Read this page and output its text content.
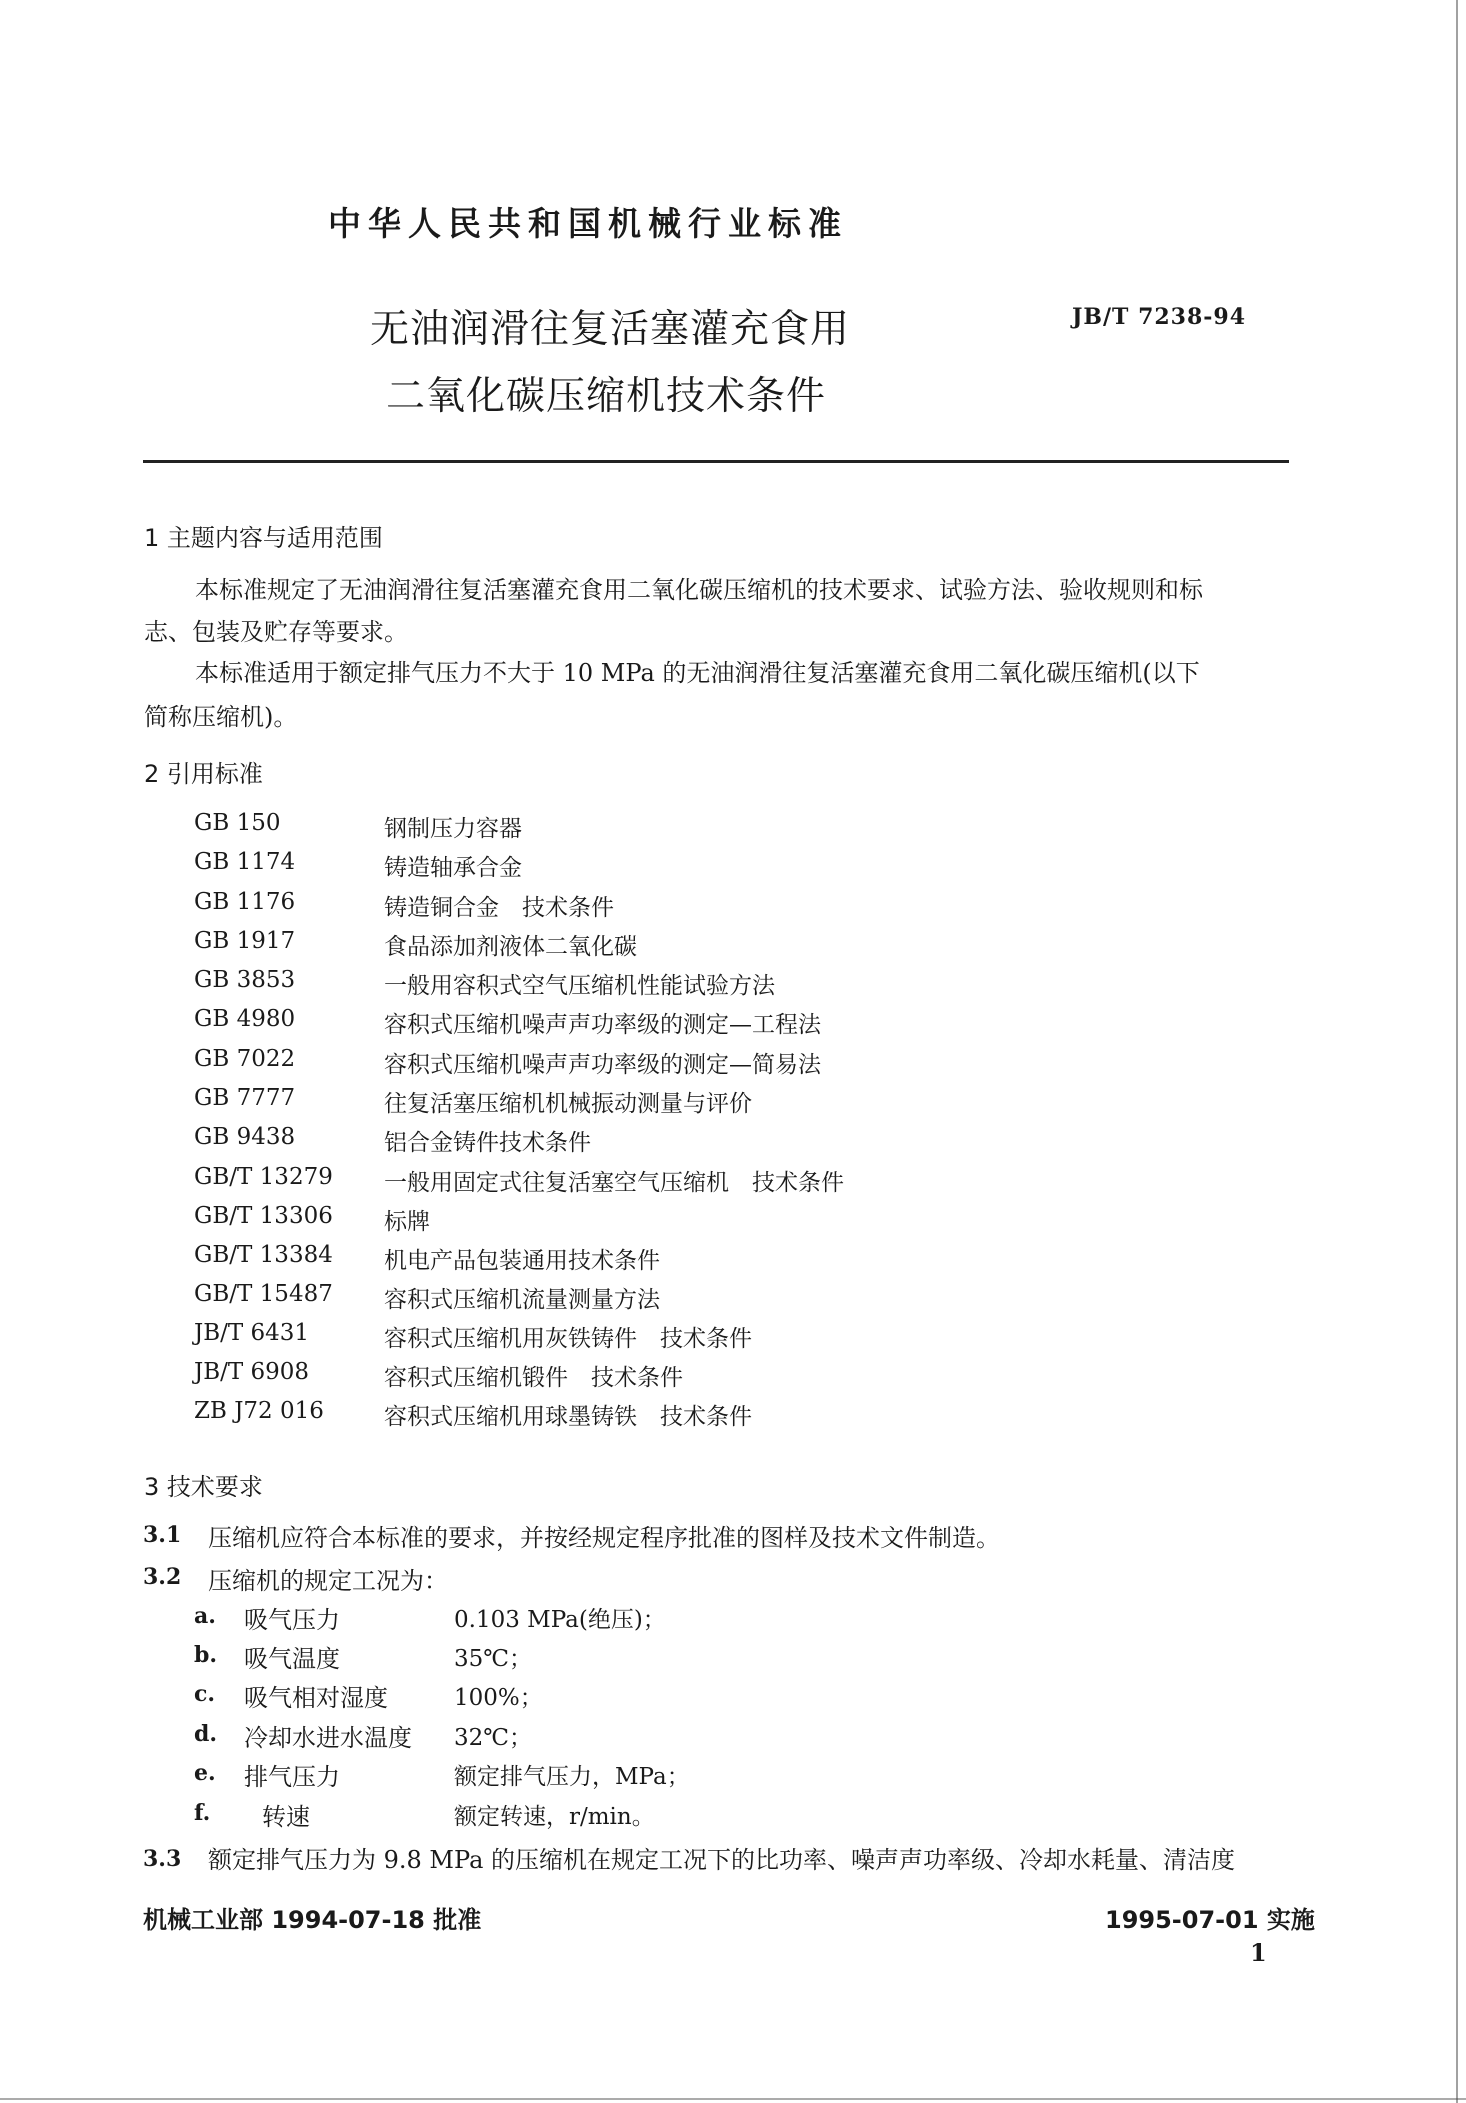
中华人民共和国机械行业标准
无油润滑往复活塞灌充食用
二氧化碳压缩机技术条件
JB/T 7238-94
1 主题内容与适用范围
本标准规定了无油润滑往复活塞灌充食用二氧化碳压缩机的技术要求、试验方法、验收规则和标
志、包装及贮存等要求。
本标准适用于额定排气压力不大于 10 MPa 的无油润滑往复活塞灌充食用二氧化碳压缩机(以下
简称压缩机)。
2 引用标准
GB 150	钢制压力容器
GB 1174	铸造轴承合金
GB 1176	铸造铜合金　技术条件
GB 1917	食品添加剂液体二氧化碳
GB 3853	一般用容积式空气压缩机性能试验方法
GB 4980	容积式压缩机噪声声功率级的测定—工程法
GB 7022	容积式压缩机噪声声功率级的测定—简易法
GB 7777	往复活塞压缩机机械振动测量与评价
GB 9438	铝合金铸件技术条件
GB/T 13279 一般用固定式往复活塞空气压缩机　技术条件
GB/T 13306 标牌
GB/T 13384 机电产品包装通用技术条件
GB/T 15487 容积式压缩机流量测量方法
JB/T 6431	容积式压缩机用灰铁铸件　技术条件
JB/T 6908	容积式压缩机锻件　技术条件
ZB J72 016	容积式压缩机用球墨铸铁　技术条件
3 技术要求
3.1 压缩机应符合本标准的要求，并按经规定程序批准的图样及技术文件制造。
3.2 压缩机的规定工况为：
a. 吸气压力	0.103 MPa(绝压)；
b. 吸气温度	35℃；
c. 吸气相对湿度	100%；
d. 冷却水进水温度 32℃；
e. 排气压力	额定排气压力，MPa；
f. 转速	额定转速，r/min。
3.3 额定排气压力为 9.8 MPa 的压缩机在规定工况下的比功率、噪声声功率级、冷却水耗量、清洁度
机械工业部 1994-07-18 批准	1995-07-01 实施
1
